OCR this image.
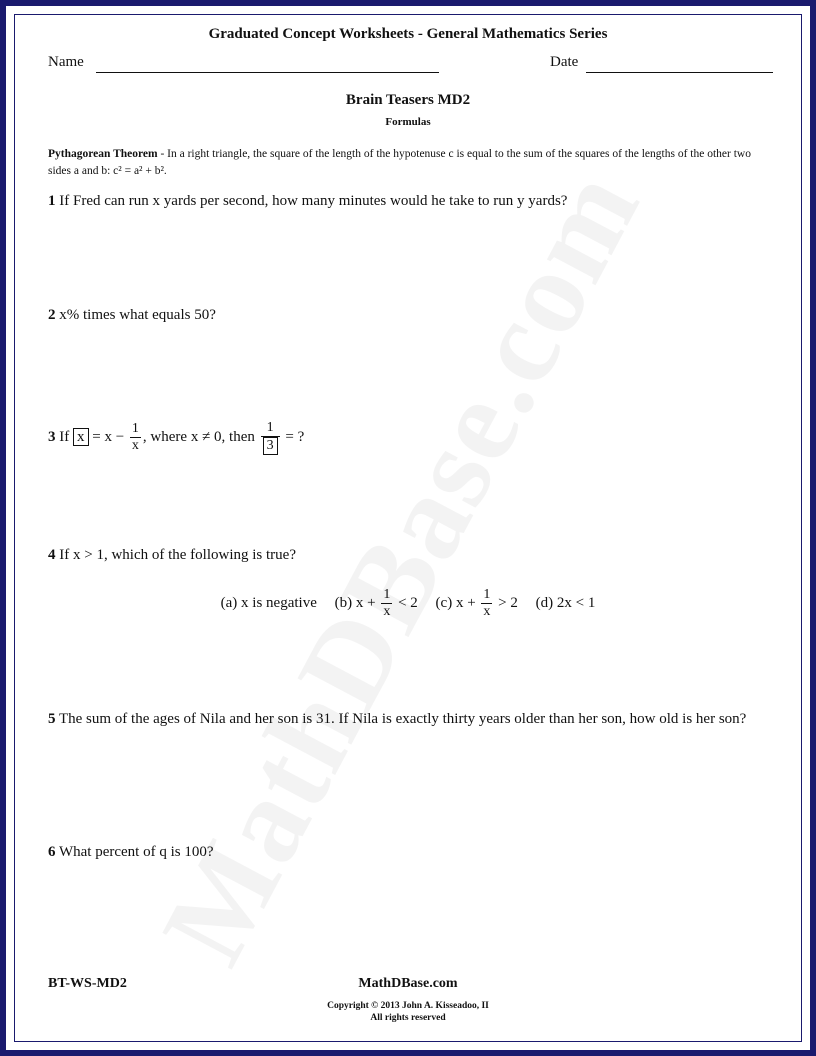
Graduated Concept Worksheets - General Mathematics Series
Name	Date
Brain Teasers MD2
Formulas
Pythagorean Theorem - In a right triangle, the square of the length of the hypotenuse c is equal to the sum of the squares of the lengths of the other two sides a and b: c² = a² + b².
1 If Fred can run x yards per second, how many minutes would he take to run y yards?
2 x% times what equals 50?
3 If $x = x - \frac{1}{x}$ , where x ≠ 0, then $\frac{1}{3}$ = ?
4 If x > 1, which of the following is true?
(a) x is negative (b) $x + \frac{1}{x} < 2$ (c) $x + \frac{1}{x} > 2$ (d) 2x < 1
5 The sum of the ages of Nila and her son is 31. If Nila is exactly thirty years older than her son, how old is her son?
6 What percent of q is 100?
BT-WS-MD2	MathDBase.com
Copyright © 2013 John A. Kisseadoo, II
All rights reserved
